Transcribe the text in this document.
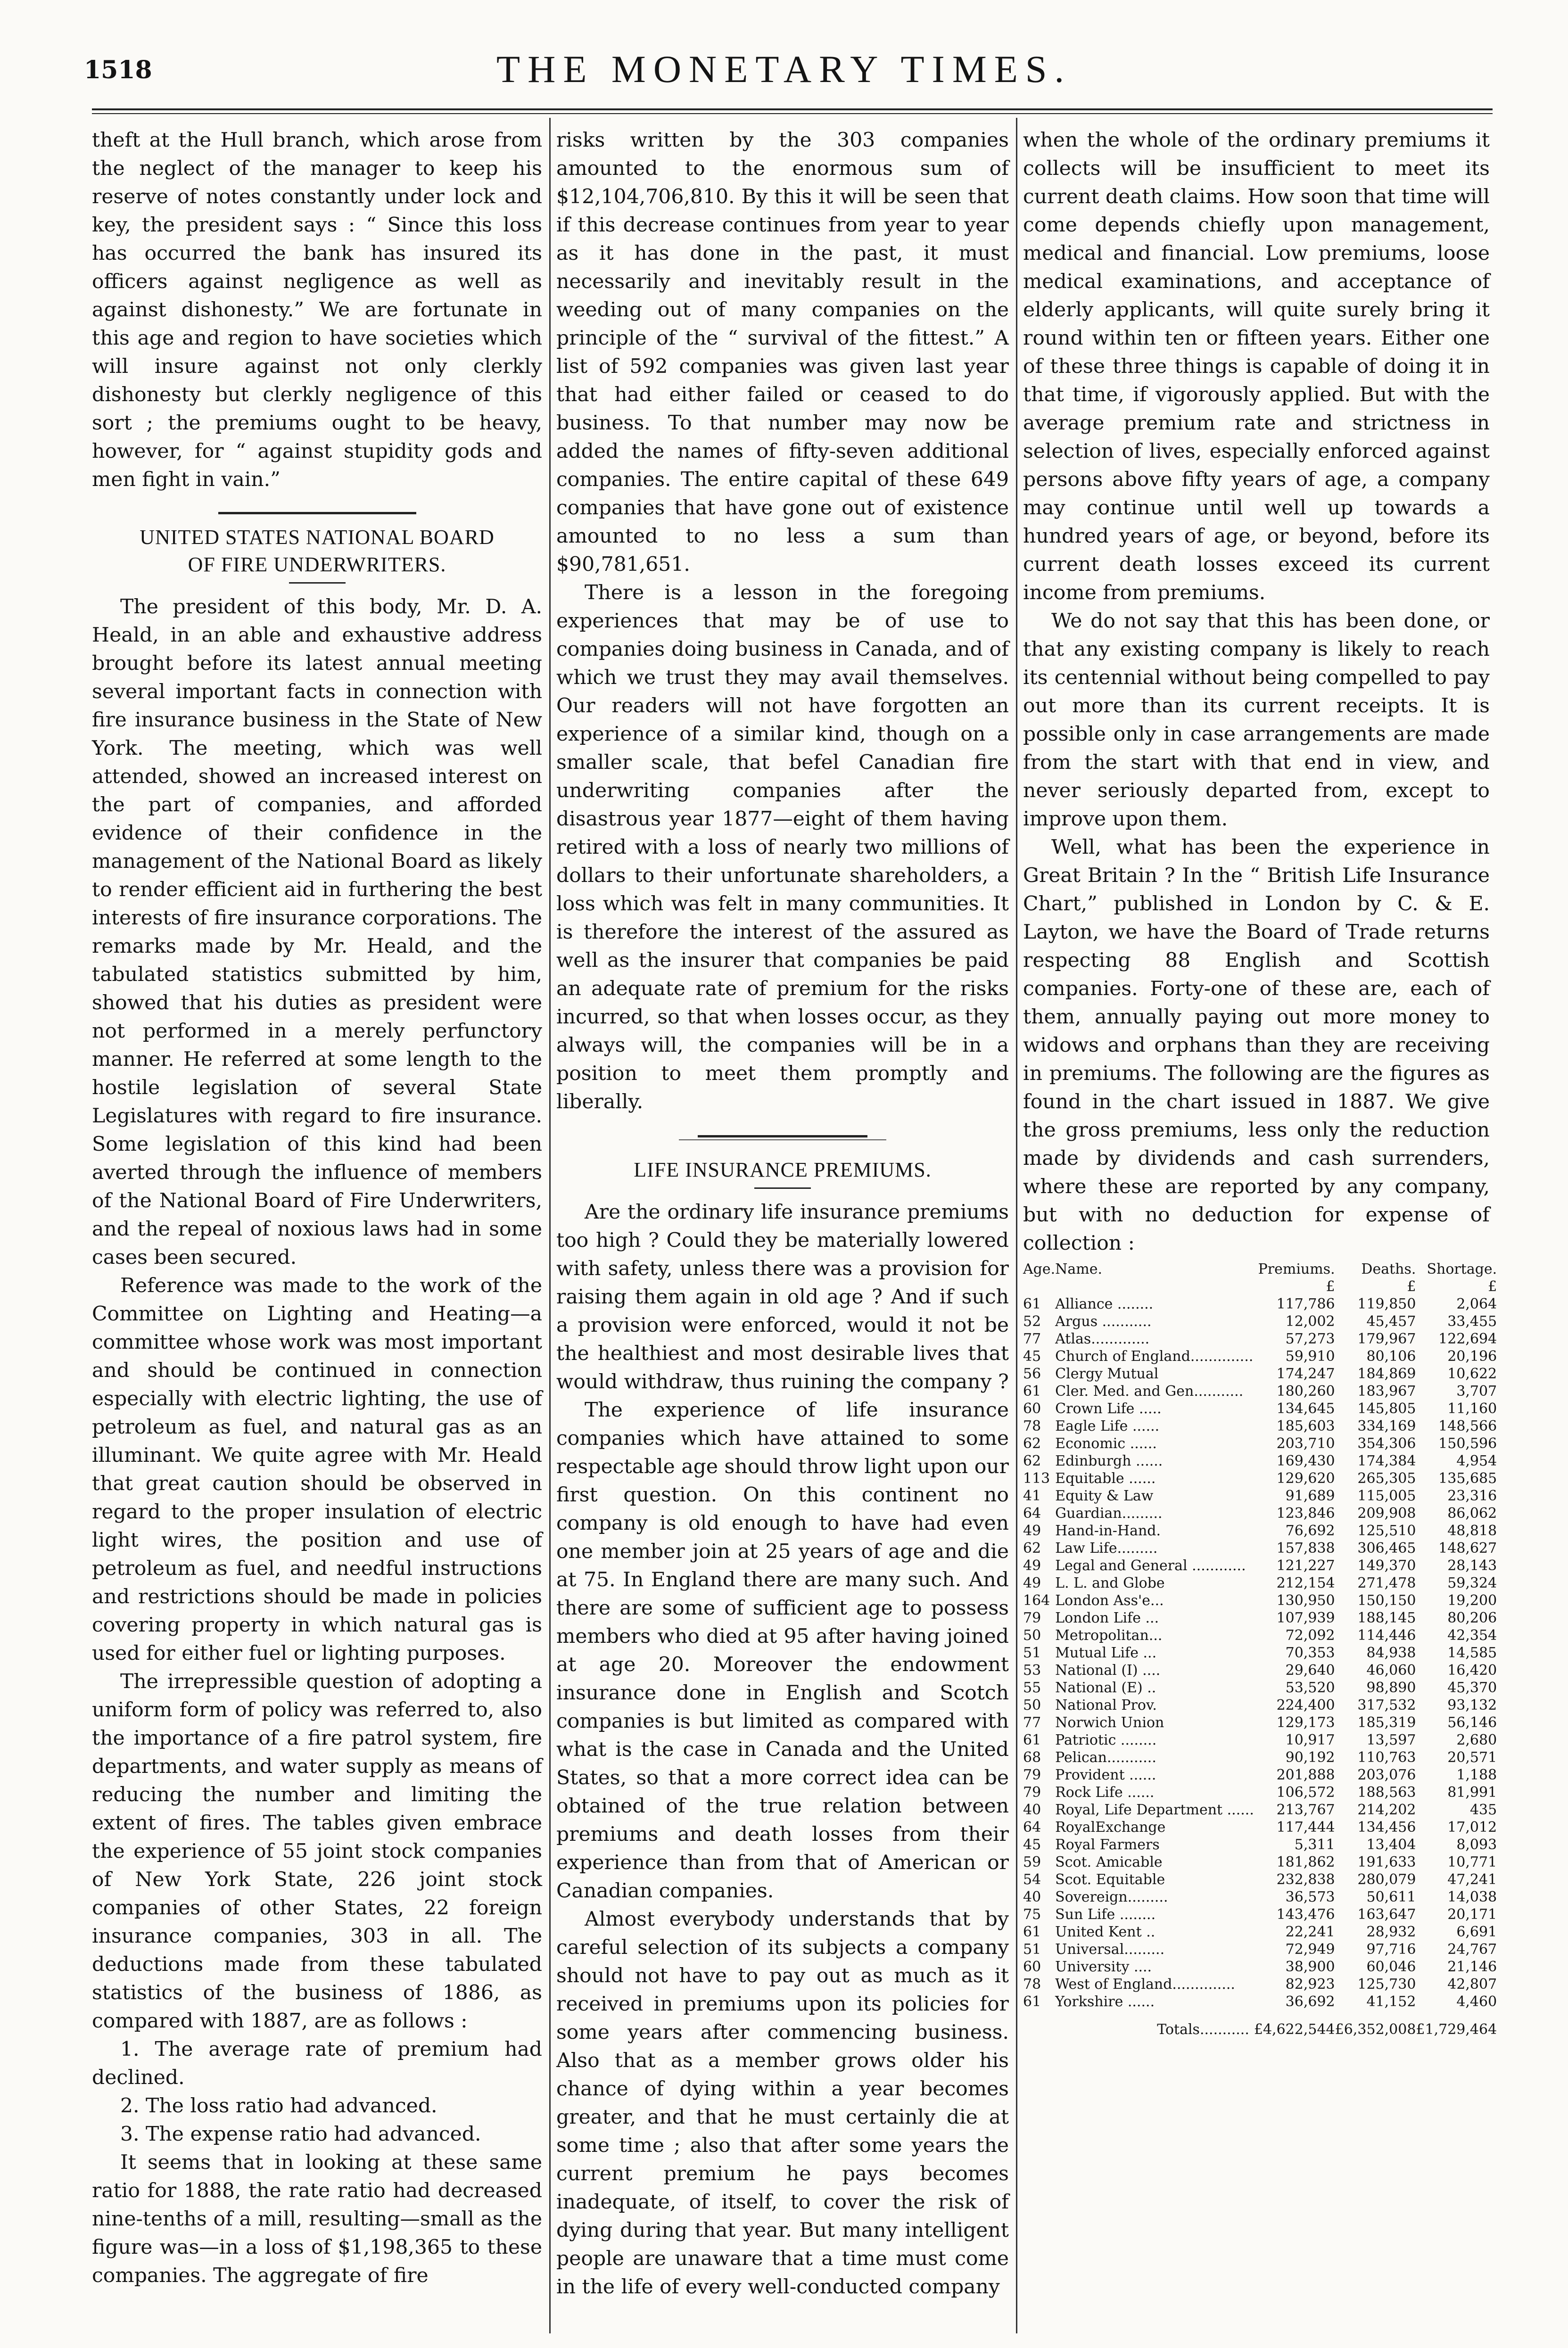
1518	THE MONETARY TIMES.

theft at the Hull branch, which arose from the neglect of the manager to keep his reserve of notes constantly under lock and key, the president says : “ Since this loss has occurred the bank has insured its officers against negligence as well as against dishonesty.” We are fortunate in this age and region to have societies which will insure against not only clerkly dishonesty but clerkly negligence of this sort ; the premiums ought to be heavy, however, for “ against stupidity gods and men fight in vain.”

UNITED STATES NATIONAL BOARD
OF FIRE UNDERWRITERS.

The president of this body, Mr. D. A. Heald, in an able and exhaustive address brought before its latest annual meeting several important facts in connection with fire insurance business in the State of New York. The meeting, which was well attended, showed an increased interest on the part of companies, and afforded evidence of their confidence in the management of the National Board as likely to render efficient aid in furthering the best interests of fire insurance corporations. The remarks made by Mr. Heald, and the tabulated statistics submitted by him, showed that his duties as president were not performed in a merely perfunctory manner. He referred at some length to the hostile legislation of several State Legislatures with regard to fire insurance. Some legislation of this kind had been averted through the influence of members of the National Board of Fire Underwriters, and the repeal of noxious laws had in some cases been secured.

Reference was made to the work of the Committee on Lighting and Heating—a committee whose work was most important and should be continued in connection especially with electric lighting, the use of petroleum as fuel, and natural gas as an illuminant. We quite agree with Mr. Heald that great caution should be observed in regard to the proper insulation of electric light wires, the position and use of petroleum as fuel, and needful instructions and restrictions should be made in policies covering property in which natural gas is used for either fuel or lighting purposes.

The irrepressible question of adopting a uniform form of policy was referred to, also the importance of a fire patrol system, fire departments, and water supply as means of reducing the number and limiting the extent of fires. The tables given embrace the experience of 55 joint stock companies of New York State, 226 joint stock companies of other States, 22 foreign insurance companies, 303 in all. The deductions made from these tabulated statistics of the business of 1886, as compared with 1887, are as follows :

1. The average rate of premium had declined.

2. The loss ratio had advanced.

3. The expense ratio had advanced.

It seems that in looking at these same ratio for 1888, the rate ratio had decreased nine-tenths of a mill, resulting—small as the figure was—in a loss of $1,198,365 to these companies. The aggregate of fire

risks written by the 303 companies amounted to the enormous sum of $12,104,706,810. By this it will be seen that if this decrease continues from year to year as it has done in the past, it must necessarily and inevitably result in the weeding out of many companies on the principle of the “ survival of the fittest.” A list of 592 companies was given last year that had either failed or ceased to do business. To that number may now be added the names of fifty-seven additional companies. The entire capital of these 649 companies that have gone out of existence amounted to no less a sum than $90,781,651.

There is a lesson in the foregoing experiences that may be of use to companies doing business in Canada, and of which we trust they may avail themselves. Our readers will not have forgotten an experience of a similar kind, though on a smaller scale, that befel Canadian fire underwriting companies after the disastrous year 1877—eight of them having retired with a loss of nearly two millions of dollars to their unfortunate shareholders, a loss which was felt in many communities. It is therefore the interest of the assured as well as the insurer that companies be paid an adequate rate of premium for the risks incurred, so that when losses occur, as they always will, the companies will be in a position to meet them promptly and liberally.

LIFE INSURANCE PREMIUMS.

Are the ordinary life insurance premiums too high ? Could they be materially lowered with safety, unless there was a provision for raising them again in old age ? And if such a provision were enforced, would it not be the healthiest and most desirable lives that would withdraw, thus ruining the company ?

The experience of life insurance companies which have attained to some respectable age should throw light upon our first question. On this continent no company is old enough to have had even one member join at 25 years of age and die at 75. In England there are many such. And there are some of sufficient age to possess members who died at 95 after having joined at age 20. Moreover the endowment insurance done in English and Scotch companies is but limited as compared with what is the case in Canada and the United States, so that a more correct idea can be obtained of the true relation between premiums and death losses from their experience than from that of American or Canadian companies.

Almost everybody understands that by careful selection of its subjects a company should not have to pay out as much as it received in premiums upon its policies for some years after commencing business. Also that as a member grows older his chance of dying within a year becomes greater, and that he must certainly die at some time ; also that after some years the current premium he pays becomes inadequate, of itself, to cover the risk of dying during that year. But many intelligent people are unaware that a time must come in the life of every well-conducted company

when the whole of the ordinary premiums it collects will be insufficient to meet its current death claims. How soon that time will come depends chiefly upon management, medical and financial. Low premiums, loose medical examinations, and acceptance of elderly applicants, will quite surely bring it round within ten or fifteen years. Either one of these three things is capable of doing it in that time, if vigorously applied. But with the average premium rate and strictness in selection of lives, especially enforced against persons above fifty years of age, a company may continue until well up towards a hundred years of age, or beyond, before its current death losses exceed its current income from premiums.

We do not say that this has been done, or that any existing company is likely to reach its centennial without being compelled to pay out more than its current receipts. It is possible only in case arrangements are made from the start with that end in view, and never seriously departed from, except to improve upon them.

Well, what has been the experience in Great Britain ? In the “ British Life Insurance Chart,” published in London by C. & E. Layton, we have the Board of Trade returns respecting 88 English and Scottish companies. Forty-one of these are, each of them, annually paying out more money to widows and orphans than they are receiving in premiums. The following are the figures as found in the chart issued in 1887. We give the gross premiums, less only the reduction made by dividends and cash surrenders, where these are reported by any company, but with no deduction for expense of collection :

Age.	Name.	Premiums.	Deaths.	Shortage.
		£	£	£
61	Alliance ........	117,786	119,850	2,064
52	Argus ...........	12,002	45,457	33,455
77	Atlas.............	57,273	179,967	122,694
45	Church of England..............	59,910	80,106	20,196
56	Clergy Mutual	174,247	184,869	10,622
61	Cler. Med. and Gen...........	180,260	183,967	3,707
60	Crown Life .....	134,645	145,805	11,160
78	Eagle Life ......	185,603	334,169	148,566
62	Economic ......	203,710	354,306	150,596
62	Edinburgh ......	169,430	174,384	4,954
113	Equitable ......	129,620	265,305	135,685
41	Equity & Law	91,689	115,005	23,316
64	Guardian.........	123,846	209,908	86,062
49	Hand-in-Hand.	76,692	125,510	48,818
62	Law Life.........	157,838	306,465	148,627
49	Legal and General ............	121,227	149,370	28,143
49	L. L. and Globe	212,154	271,478	59,324
164	London Ass'e...	130,950	150,150	19,200
79	London Life ...	107,939	188,145	80,206
50	Metropolitan...	72,092	114,446	42,354
51	Mutual Life ...	70,353	84,938	14,585
53	National (I) ....	29,640	46,060	16,420
55	National (E) ..	53,520	98,890	45,370
50	National Prov.	224,400	317,532	93,132
77	Norwich Union	129,173	185,319	56,146
61	Patriotic ........	10,917	13,597	2,680
68	Pelican...........	90,192	110,763	20,571
79	Provident ......	201,888	203,076	1,188
79	Rock Life ......	106,572	188,563	81,991
40	Royal, Life Department ......	213,767	214,202	435
64	RoyalExchange	117,444	134,456	17,012
45	Royal Farmers	5,311	13,404	8,093
59	Scot. Amicable	181,862	191,633	10,771
54	Scot. Equitable	232,838	280,079	47,241
40	Sovereign.........	36,573	50,611	14,038
75	Sun Life ........	143,476	163,647	20,171
61	United Kent ..	22,241	28,932	6,691
51	Universal.........	72,949	97,716	24,767
60	University ....	38,900	60,046	21,146
78	West of England..............	82,923	125,730	42,807
61	Yorkshire ......	36,692	41,152	4,460
	Totals...........	£4,622,544	£6,352,008	£1,729,464
